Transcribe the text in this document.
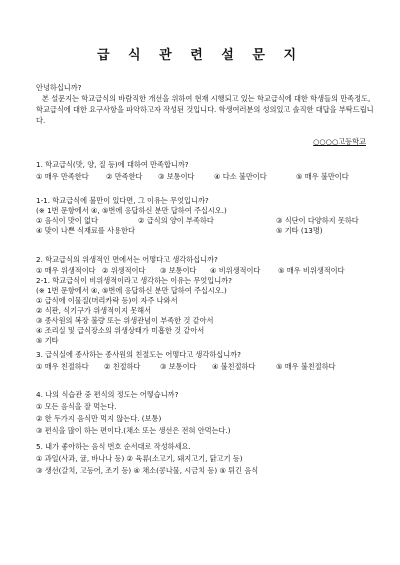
급 식 관 련 설 문 지

안녕하십니까?

본 설문지는 학교급식의 바람직한 개선을 위하여 현재 시행되고 있는 학교급식에 대한 학생들의 만족정도, 학교급식에 대한 요구사항을 파악하고자 작성된 것입니다. 학생여러분의 성의있고 솔직한 대답을 부탁드립니다.

○○○○고등학교
1. 학교급식(맛, 양, 질 등)에 대하여 만족합니까?
① 매우 만족한다	② 만족한다	③ 보통이다	④ 다소 불만이다	⑤ 매우 불만이다
1-1. 학교급식에 불만이 있다면, 그 이유는 무엇입니까?
(※ 1번 문항에서 ④, ⑤번에 응답하신 분만 답하여 주십시오.)
① 음식이 맛이 없다	② 급식의 양이 부족하다	③ 식단이 다양하지 못하다
④ 맞이 나쁜 식재료를 사용한다	⑤ 기타 (13명)
2. 학교급식의 위생적인 면에서는 어떻다고 생각하십니까?
① 매우 위생적이다 ② 위생적이다	③ 보통이다	④ 비위생적이다	⑤ 매우 비위생적이다
2-1. 학교급식이 비위생적이라고 생각하는 이유는 무엇입니까?
(※ 1번 문항에서 ④, ⑤번에 응답하신 분만 답하여 주십시오.)
① 급식에 이물질(머리카락 등)이 자주 나와서
② 식판, 식기구가 위생적이지 못해서
③ 종사원의 복장 불량 또는 위생관념이 부족한 것 같아서
④ 조리실 및 급식장소의 위생상태가 미흡한 것 같아서
⑤ 기타
3. 급식실에 종사하는 종사원의 친절도는 어떻다고 생각하십니까?
① 매우 친절하다	② 친절하다	③ 보통이다	④ 불친절하다	⑤ 매우 불친절하다
4. 나의 식습관 중 편식의 정도는 어떻습니까?
① 모든 음식을 잘 먹는다.
② 한 두가지 음식만 먹지 않는다. (보통)
③ 편식을 많이 하는 편이다.(채소 또는 생선은 전혀 안먹는다.)
5. 내가 좋아하는 음식 번호 순서대로 작성하세요.
① 과일(사과, 귤, 바나나 등) ② 육류(소고기, 돼지고기, 닭고기 등)
③ 생선(갈치, 고등어, 조기 등) ④ 채소(콩나물, 시금치 등) ⑤ 튀긴 음식
